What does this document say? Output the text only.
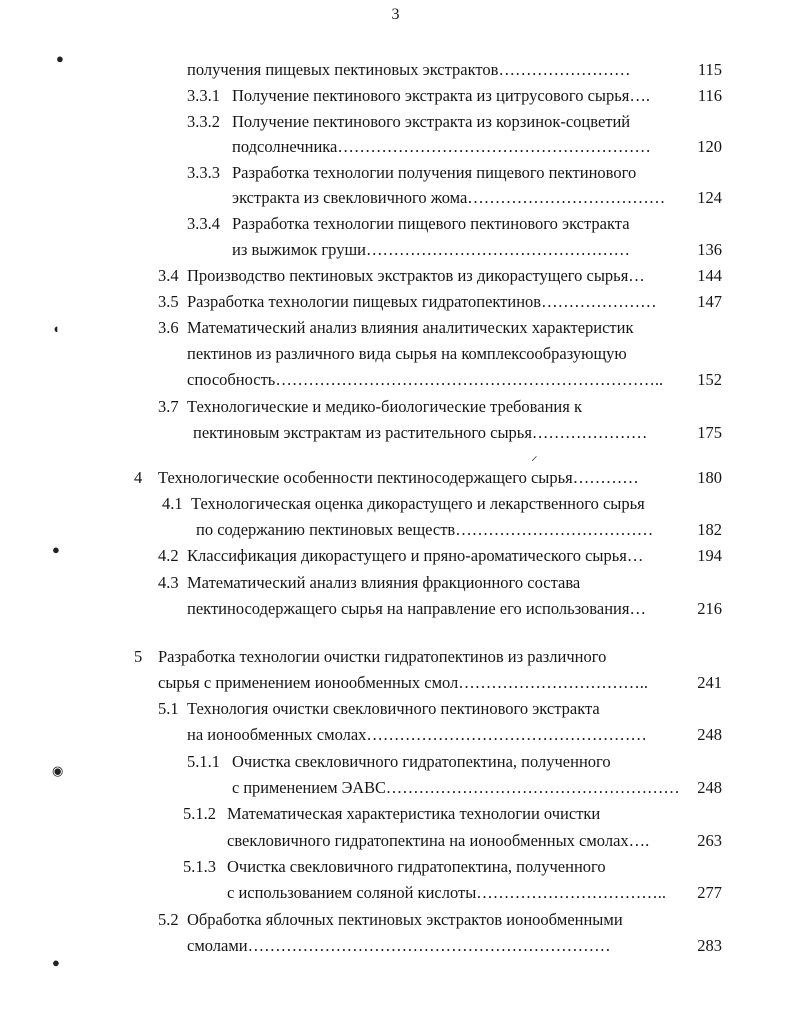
3
●
◖
●
◉
●
⸝
получения пищевых пектиновых экстрактов……………………	115
3.3.1 Получение пектинового экстракта из цитрусового сырья….	116
3.3.2 Получение пектинового экстракта из корзинок-соцветий
подсолнечника…………………………………………………	120
3.3.3 Разработка технологии получения пищевого пектинового
экстракта из свекловичного жома………………………………	124
3.3.4 Разработка технологии пищевого пектинового экстракта
из выжимок груши…………………………………………	136
3.4 Производство пектиновых экстрактов из дикорастущего сырья…	144
3.5 Разработка технологии пищевых гидратопектинов…………………	147
3.6 Математический анализ влияния аналитических характеристик
пектинов из различного вида сырья на комплексообразующую
способность……………………………………………………………..	152
3.7 Технологические и медико-биологические требования к
пектиновым экстрактам из растительного сырья…………………	175
4 Технологические особенности пектиносодержащего сырья…………	180
4.1 Технологическая оценка дикорастущего и лекарственного сырья
по содержанию пектиновых веществ………………………………	182
4.2 Классификация дикорастущего и пряно-ароматического сырья…	194
4.3 Математический анализ влияния фракционного состава
пектиносодержащего сырья на направление его использования…	216
5 Разработка технологии очистки гидратопектинов из различного
сырья с применением ионообменных смол……………………………..	241
5.1 Технология очистки свекловичного пектинового экстракта
на ионообменных смолах……………………………………………	248
5.1.1 Очистка свекловичного гидратопектина, полученного
с применением ЭАВС………………………………………………	248
5.1.2 Математическая характеристика технологии очистки
свекловичного гидратопектина на ионообменных смолах….	263
5.1.3 Очистка свекловичного гидратопектина, полученного
с использованием соляной кислоты……………………………..	277
5.2 Обработка яблочных пектиновых экстрактов ионообменными
смолами…………………………………………………………	283
